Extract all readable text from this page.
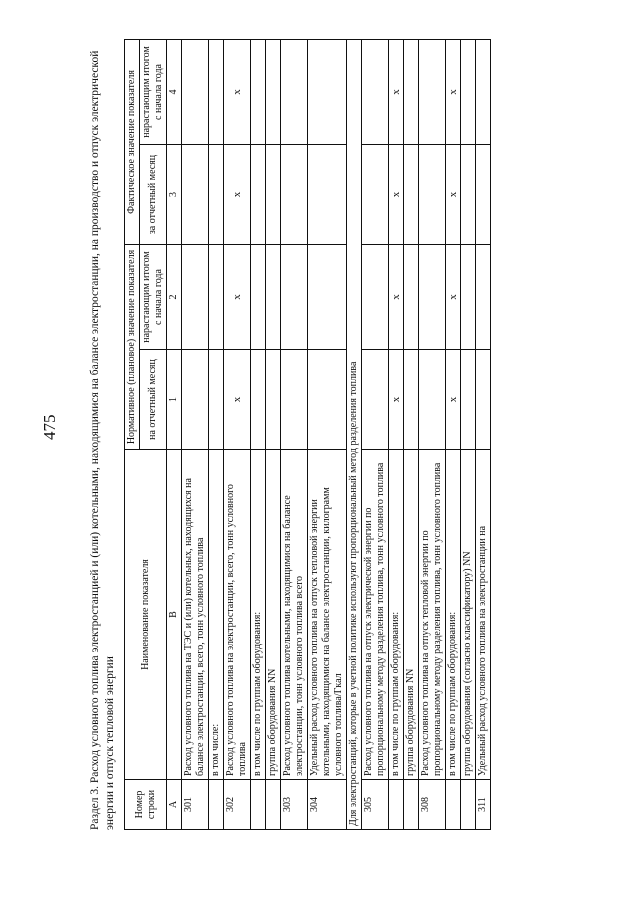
475	Раздел 3. Расход условного топлива электростанцией и (или) котельными, находящимися на балансе электростанции, на производство и отпуск электрической энергии и отпуск тепловой энергии Номер строки	Наименование показателя	Нормативное (плановое) значение показателя		Фактическое значение показателя	
		на отчетный месяц	нарастающим итогом с начала года	за отчетный месяц	нарастающим итогом с начала года
А	В	1	2	3	4
301	Расход условного топлива на ТЭС и (или) котельных, находящихся на балансе электростанции, всего, тонн условного топлива				
	в том числе:				
302	Расход условного топлива на электростанции, всего, тонн условного топлива	x	x	x	x
	в том числе по группам оборудования:				
	группа оборудования NN				
303	Расход условного топлива котельными, находящимися на балансе электростанции, тонн условного топлива всего				
304	Удельный расход условного топлива на отпуск тепловой энергии котельными, находящимися на балансе электростанции, килограмм условного топлива/Гкал				
Для электростанций, которые в учетной политике используют пропорциональный метод разделения топлива					
305	Расход условного топлива на отпуск электрической энергии по пропорциональному методу разделения топлива, тонн условного топлива				
	в том числе по группам оборудования:	x	x	x	x
	группа оборудования NN				
308	Расход условного топлива на отпуск тепловой энергии по пропорциональному методу разделения топлива, тонн условного топлива				
	в том числе по группам оборудования:	x	x	x	x
	группа оборудования (согласно классификатору) NN				
311	Удельный расход условного топлива на электростанции на				
